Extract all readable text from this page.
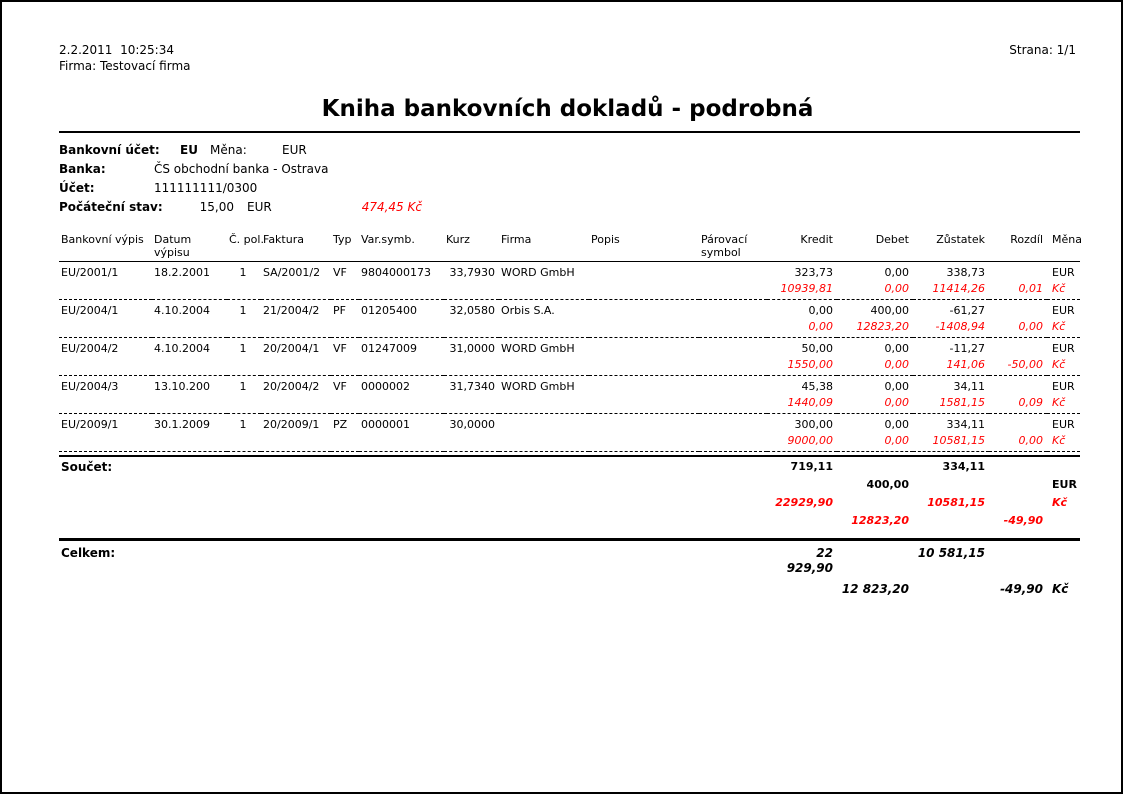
2.2.2011  10:25:34
Firma: Testovací firma
Strana: 1/1
Kniha bankovních dokladů - podrobná
Bankovní účet:	EU	Měna:	EUR
Banka:	ČS obchodní banka - Ostrava
Účet:	111111111/0300
Počáteční stav:	15,00 EUR	474,45 Kč
Bankovní výpis	Datum
výpisu

Č. pol.	Faktura	Typ	Var.symb.	Kurz	Firma	Popis	Párovací
symbol

Kredit	Debet	Zůstatek	Rozdíl	Měna

EU/2001/1	18.2.2001	1	SA/2001/2	VF	9804000173	33,7930	WORD GmbH			323,73	0,00	338,73		EUR
										10939,81	0,00	11414,26	0,01	Kč
EU/2004/1	4.10.2004	1	21/2004/2	PF	01205400	32,0580	Orbis S.A.			0,00	400,00	-61,27		EUR
										0,00	12823,20	-1408,94	0,00	Kč
EU/2004/2	4.10.2004	1	20/2004/1	VF	01247009	31,0000	WORD GmbH			50,00	0,00	-11,27		EUR
										1550,00	0,00	141,06	-50,00	Kč
EU/2004/3	13.10.200	1	20/2004/2	VF	0000002	31,7340	WORD GmbH			45,38	0,00	34,11		EUR
										1440,09	0,00	1581,15	0,09	Kč
EU/2009/1	30.1.2009	1	20/2009/1	PZ	0000001	30,0000				300,00	0,00	334,11		EUR
										9000,00	0,00	10581,15	0,00	Kč

Součet:										719,11		334,11		
											400,00			EUR
										22929,90		10581,15		Kč
											12823,20		-49,90	

Celkem:										22 929,90		10 581,15		
											12 823,20		-49,90	Kč
